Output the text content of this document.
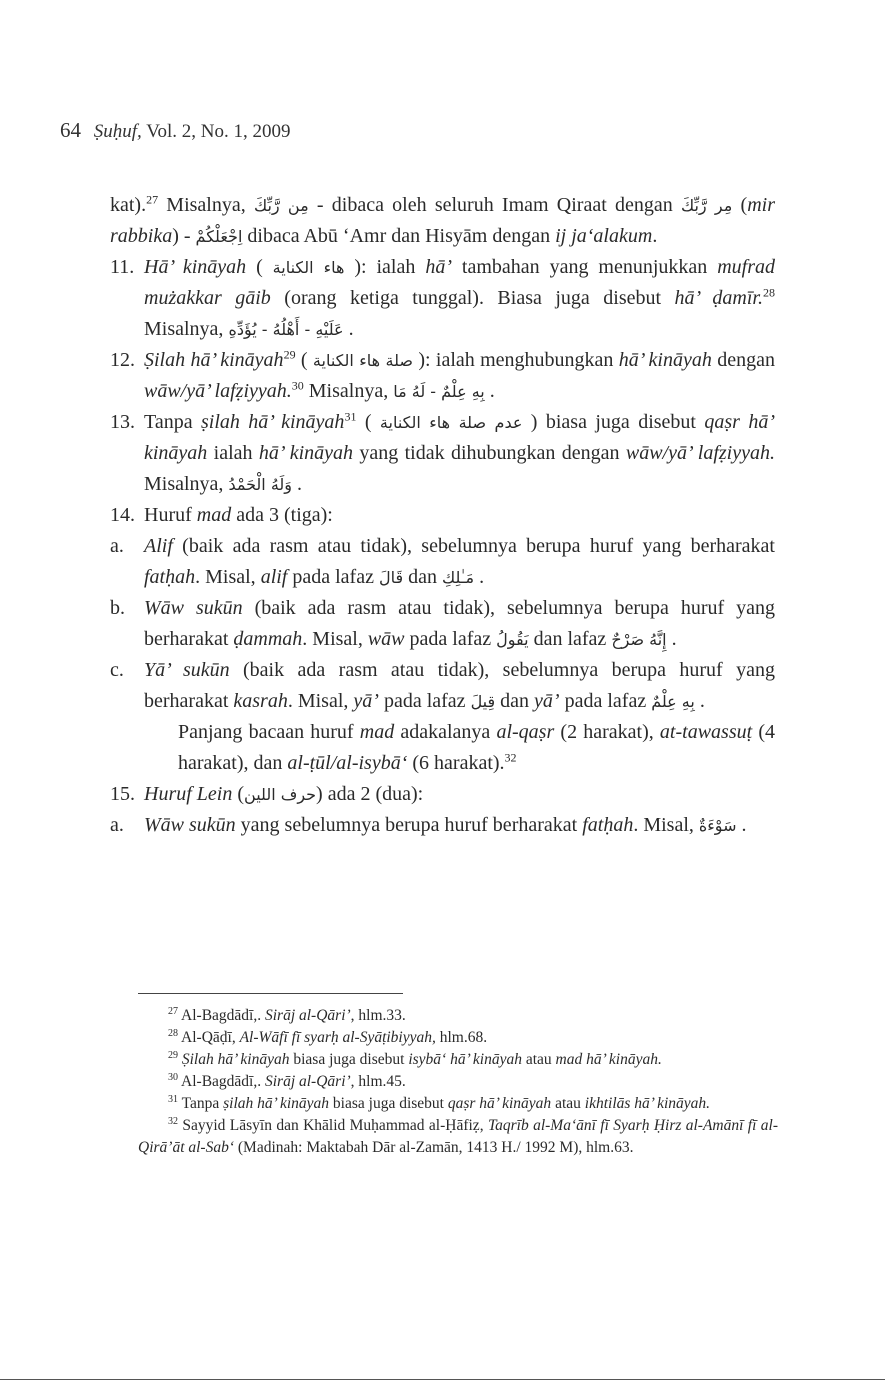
64 Ṣuḥuf, Vol. 2, No. 1, 2009

kat).$^{27}$ Misalnya, مِن رَّبِّكَ - dibaca oleh seluruh Imam Qiraat dengan مِر رَّبِّكَ (mir rabbika) - اِجْعَلْكُمْ dibaca Abū ‘Amr dan Hisyām dengan ij ja‘alakum.

11. Hā’ kināyah ( هاء الكناية ): ialah hā’ tambahan yang menunjukkan mufrad mużakkar gāib (orang ketiga tunggal). Biasa juga disebut hā’ ḍamīr.$^{28}$ Misalnya, عَلَيْهِ - أَهْلُهُ - يُؤَدِّهِ .

12. Ṣilah hā’ kināyah$^{29}$ ( صلة هاء الكناية ): ialah menghubungkan hā’ kināyah dengan wāw/yā’ lafẓiyyah.$^{30}$ Misalnya, بِهِ عِلْمٌ - لَهُ مَا .

13. Tanpa ṣilah hā’ kināyah$^{31}$ ( عدم صلة هاء الكناية ) biasa juga disebut qaṣr hā’ kināyah ialah hā’ kināyah yang tidak dihubungkan dengan wāw/yā’ lafẓiyyah. Misalnya, وَلَهُ الْحَمْدُ .

14. Huruf mad ada 3 (tiga):

a. Alif (baik ada rasm atau tidak), sebelumnya berupa huruf yang berharakat fatḥah. Misal, alif pada lafaz قَالَ dan مَـٰلِكِ .

b. Wāw sukūn (baik ada rasm atau tidak), sebelumnya berupa huruf yang berharakat ḍammah. Misal, wāw pada lafaz يَقُولُ dan lafaz إِنَّهُ صَرْحٌ .

c. Yā’ sukūn (baik ada rasm atau tidak), sebelumnya berupa huruf yang berharakat kasrah. Misal, yā’ pada lafaz قِيلَ dan yā’ pada lafaz بِهِ عِلْمٌ .

Panjang bacaan huruf mad adakalanya al-qaṣr (2 harakat), at-tawassuṭ (4 harakat), dan al-ṭūl/al-isybā‘ (6 harakat).$^{32}$

15. Huruf Lein (حرف اللين) ada 2 (dua):

a. Wāw sukūn yang sebelumnya berupa huruf berharakat fatḥah. Misal, سَوْءَةٌ .

$^{27}$ Al-Bagdādī,. Sirāj al-Qāri’, hlm.33.

$^{28}$ Al-Qāḍī, Al-Wāfī fī syarḥ al-Syāṭibiyyah, hlm.68.

$^{29}$ Ṣilah hā’ kināyah biasa juga disebut isybā‘ hā’ kināyah atau mad hā’ kināyah.

$^{30}$ Al-Bagdādī,. Sirāj al-Qāri’, hlm.45.

$^{31}$ Tanpa ṣilah hā’ kināyah biasa juga disebut qaṣr hā’ kināyah atau ikhtilās hā’ kināyah.

$^{32}$ Sayyid Lāsyīn dan Khālid Muḥammad al-Ḥāfiẓ, Taqrīb al-Ma‘ānī fī Syarḥ Ḥirz al-Amānī fī al-Qirā’āt al-Sab‘ (Madinah: Maktabah Dār al-Zamān, 1413 H./ 1992 M), hlm.63.
